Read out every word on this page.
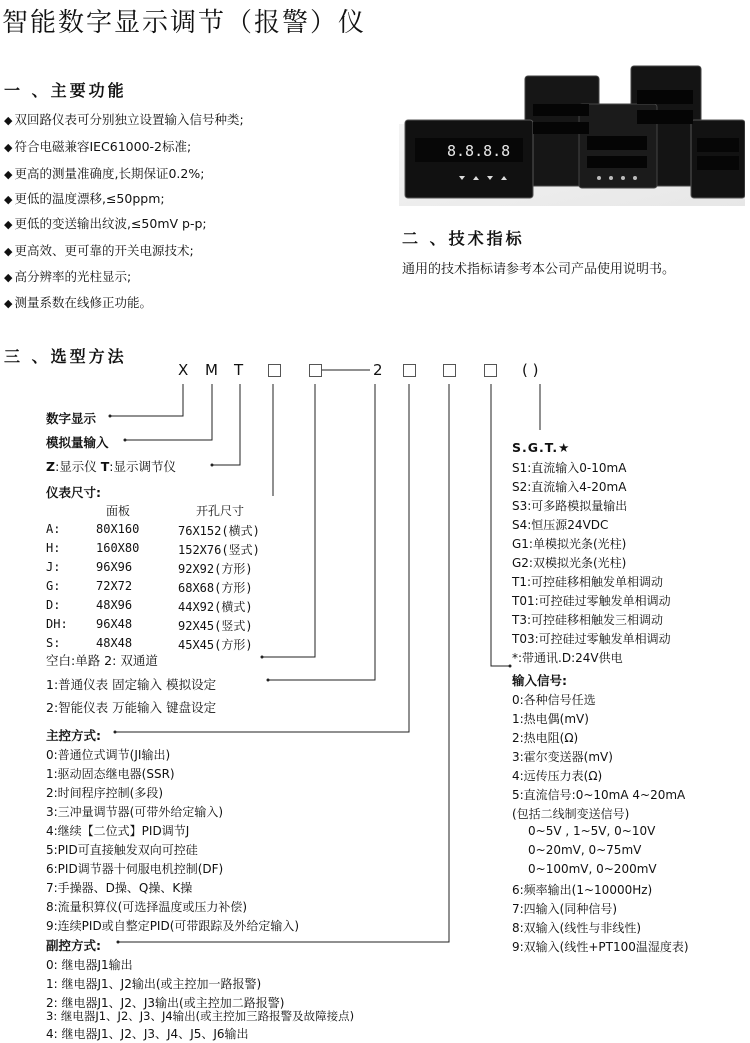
智能数字显示调节（报警）仪
一 、主要功能
◆ 双回路仪表可分别独立设置输入信号种类;
◆ 符合电磁兼容IEC61000-2标准;
◆ 更高的测量准确度,长期保证0.2%;
◆ 更低的温度漂移,≤50ppm;
◆ 更低的变送输出纹波,≤50mV p-p;
◆ 更高效、更可靠的开关电源技术;
◆ 高分辨率的光柱显示;
◆ 测量系数在线修正功能。
8.8.8.8
二 、技术指标
通用的技术指标请参考本公司产品使用说明书。
三 、选型方法
X M T	2	( )
数字显示
模拟量输入
Z:显示仪 T:显示调节仪
仪表尺寸:
面板	开孔尺寸
A:	80X160	76X152(横式)
H:	160X80	152X76(竖式)
J:	96X96	92X92(方形)
G:	72X72	68X68(方形)
D:	48X96	44X92(横式)
DH: 96X48	92X45(竖式)
S:	48X48	45X45(方形)
空白:单路 2: 双通道
1:普通仪表 固定输入 模拟设定
2:智能仪表 万能输入 键盘设定
主控方式:
0:普通位式调节(JI输出)
1:驱动固态继电器(SSR)
2:时间程序控制(多段)
3:三冲量调节器(可带外给定输入)
4:继续【二位式】PID调节J
5:PID可直接触发双向可控硅
6:PID调节器十伺服电机控制(DF)
7:手操器、D操、Q操、K操
8:流量积算仪(可选择温度或压力补偿)
9:连续PID或自整定PID(可带跟踪及外给定输入)
副控方式:
0: 继电器J1输出
1: 继电器J1、J2输出(或主控加一路报警)
2: 继电器J1、J2、J3输出(或主控加二路报警)
3: 继电器J1、J2、J3、J4输出(或主控加三路报警及故障接点)
4: 继电器J1、J2、J3、J4、J5、J6输出
S.G.T.★
S1:直流输入0-10mA
S2:直流输入4-20mA
S3:可多路模拟量输出
S4:恒压源24VDC
G1:单模拟光条(光柱)
G2:双模拟光条(光柱)
T1:可控硅移相触发单相调动
T01:可控硅过零触发单相调动
T3:可控硅移相触发三相调动
T03:可控硅过零触发单相调动
*:带通讯.D:24V供电
输入信号:
0:各种信号任选
1:热电偶(mV)
2:热电阻(Ω)
3:霍尔变送器(mV)
4:远传压力表(Ω)
5:直流信号:0~10mA 4~20mA
(包括二线制变送信号)
0~5V , 1~5V, 0~10V
0~20mV, 0~75mV
0~100mV, 0~200mV
6:频率输出(1~10000Hz)
7:四输入(同种信号)
8:双输入(线性与非线性)
9:双输入(线性+PT100温湿度表)
